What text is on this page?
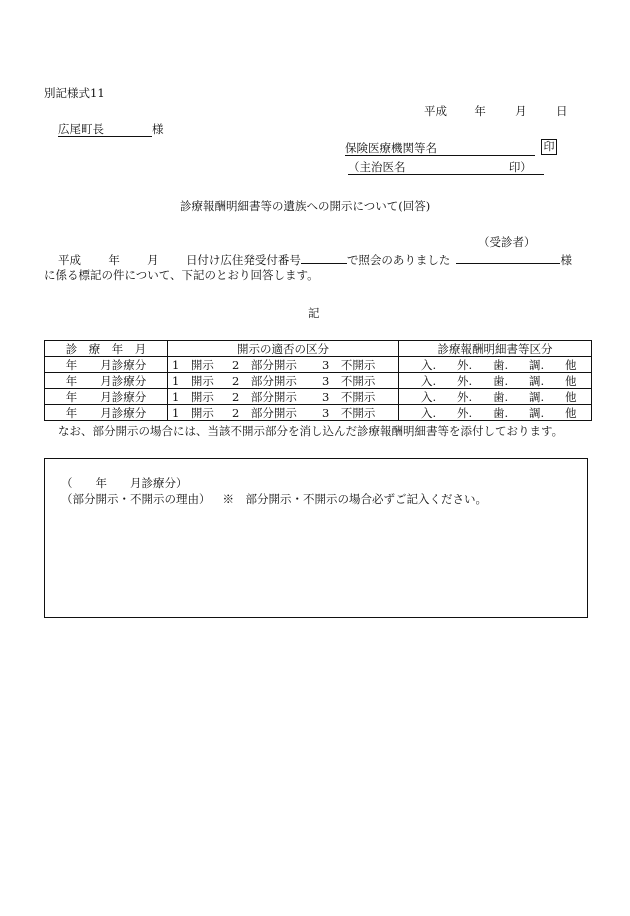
別記様式11
平成 年	月	日
広尾町長	様
保険医療機関等名	印
（主治医名	印）
診療報酬明細書等の遺族への開示について(回答)
（受診者）
平成 年 月 日付け広住発受付番号	で照会のありました	様
に係る標記の件について、下記のとおり回答します。
記
診　療　年　月	開示の適否の区分	診療報酬明細書等区分
年　　月診療分	1　開示 2　部分開示 3　不開示	入. 外. 歯. 調. 他
年　　月診療分	1　開示 2　部分開示 3　不開示	入. 外. 歯. 調. 他
年　　月診療分	1　開示 2　部分開示 3　不開示	入. 外. 歯. 調. 他
年　　月診療分	1　開示 2　部分開示 3　不開示	入. 外. 歯. 調. 他
なお、部分開示の場合には、当該不開示部分を消し込んだ診療報酬明細書等を添付しております。
（　　年　　月診療分）
（部分開示・不開示の理由） ※　部分開示・不開示の場合必ずご記入ください。
